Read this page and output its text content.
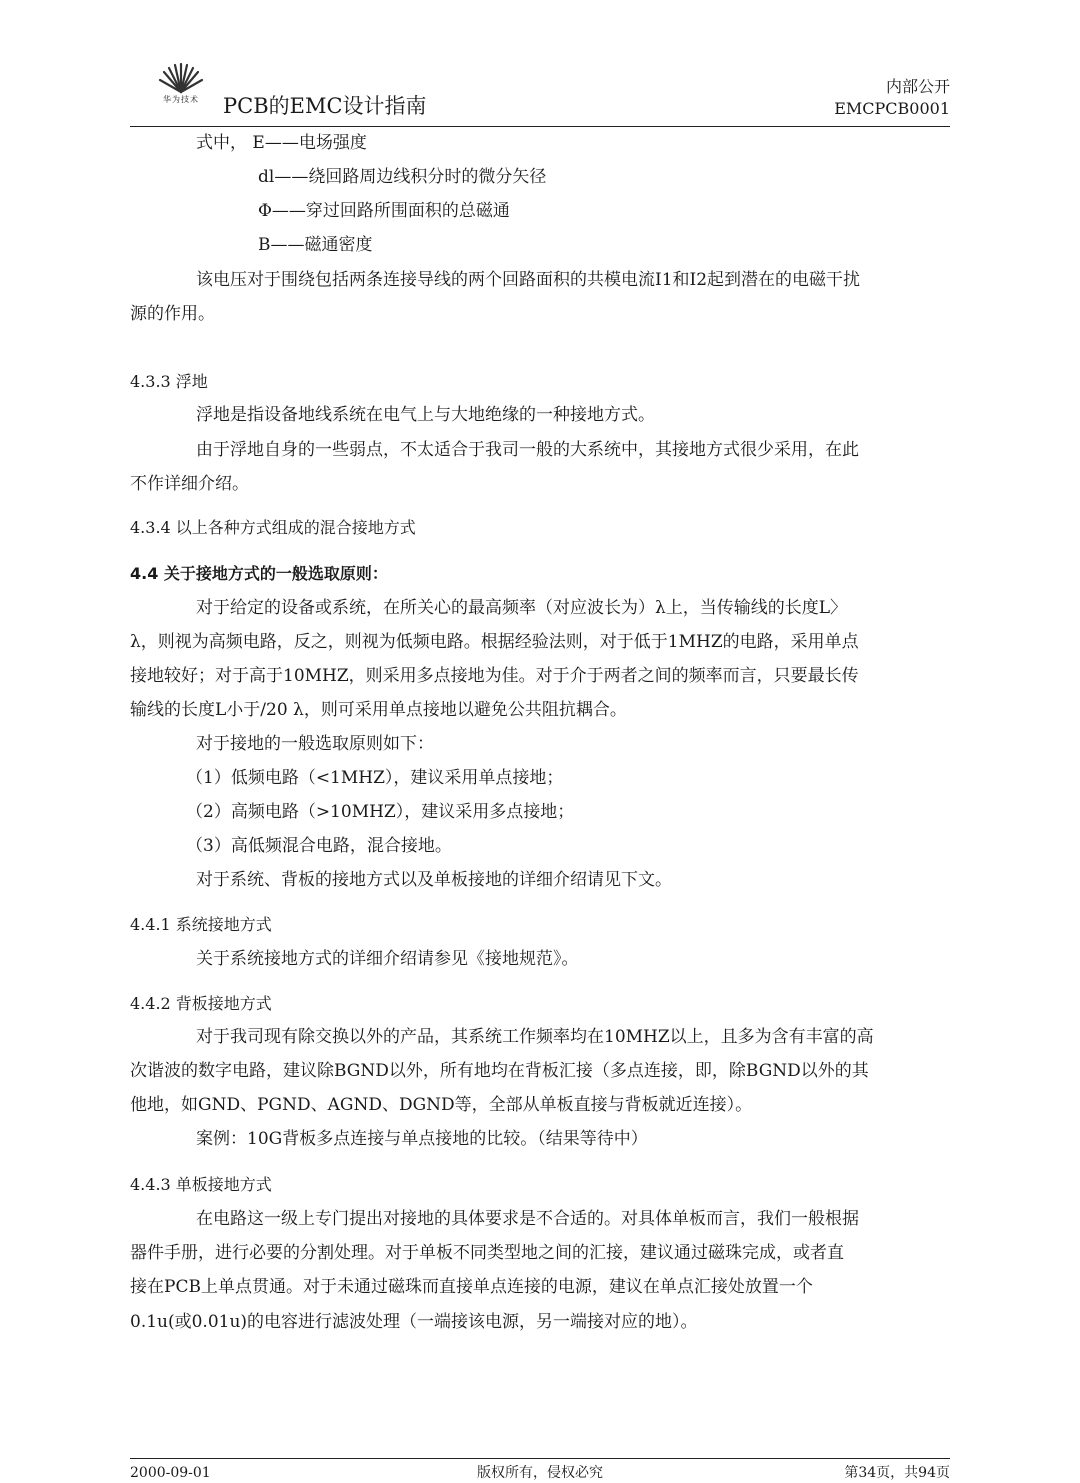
华为技术	PCB的EMC设计指南
内部公开
EMCPCB0001
式中， E——电场强度
dl——绕回路周边线积分时的微分矢径
Φ——穿过回路所围面积的总磁通
B——磁通密度
该电压对于围绕包括两条连接导线的两个回路面积的共模电流I1和I2起到潜在的电磁干扰
源的作用。
4.3.3 浮地
浮地是指设备地线系统在电气上与大地绝缘的一种接地方式。
由于浮地自身的一些弱点，不太适合于我司一般的大系统中，其接地方式很少采用，在此
不作详细介绍。
4.3.4 以上各种方式组成的混合接地方式
4.4 关于接地方式的一般选取原则：
对于给定的设备或系统，在所关心的最高频率（对应波长为）λ上，当传输线的长度L〉
λ，则视为高频电路，反之，则视为低频电路。根据经验法则，对于低于1MHZ的电路，采用单点
接地较好；对于高于10MHZ，则采用多点接地为佳。对于介于两者之间的频率而言，只要最长传
输线的长度L小于/20 λ，则可采用单点接地以避免公共阻抗耦合。
对于接地的一般选取原则如下：
（1）低频电路（<1MHZ），建议采用单点接地；
（2）高频电路（>10MHZ），建议采用多点接地；
（3）高低频混合电路，混合接地。
对于系统、背板的接地方式以及单板接地的详细介绍请见下文。
4.4.1 系统接地方式
关于系统接地方式的详细介绍请参见《接地规范》。
4.4.2 背板接地方式
对于我司现有除交换以外的产品，其系统工作频率均在10MHZ以上，且多为含有丰富的高
次谐波的数字电路，建议除BGND以外，所有地均在背板汇接（多点连接，即，除BGND以外的其
他地，如GND、PGND、AGND、DGND等，全部从单板直接与背板就近连接）。
案例：10G背板多点连接与单点接地的比较。（结果等待中）
4.4.3 单板接地方式
在电路这一级上专门提出对接地的具体要求是不合适的。对具体单板而言，我们一般根据
器件手册，进行必要的分割处理。对于单板不同类型地之间的汇接，建议通过磁珠完成，或者直
接在PCB上单点贯通。对于未通过磁珠而直接单点连接的电源，建议在单点汇接处放置一个
0.1u(或0.01u)的电容进行滤波处理（一端接该电源，另一端接对应的地）。
2000-09-01	版权所有，侵权必究	第34页，共94页
